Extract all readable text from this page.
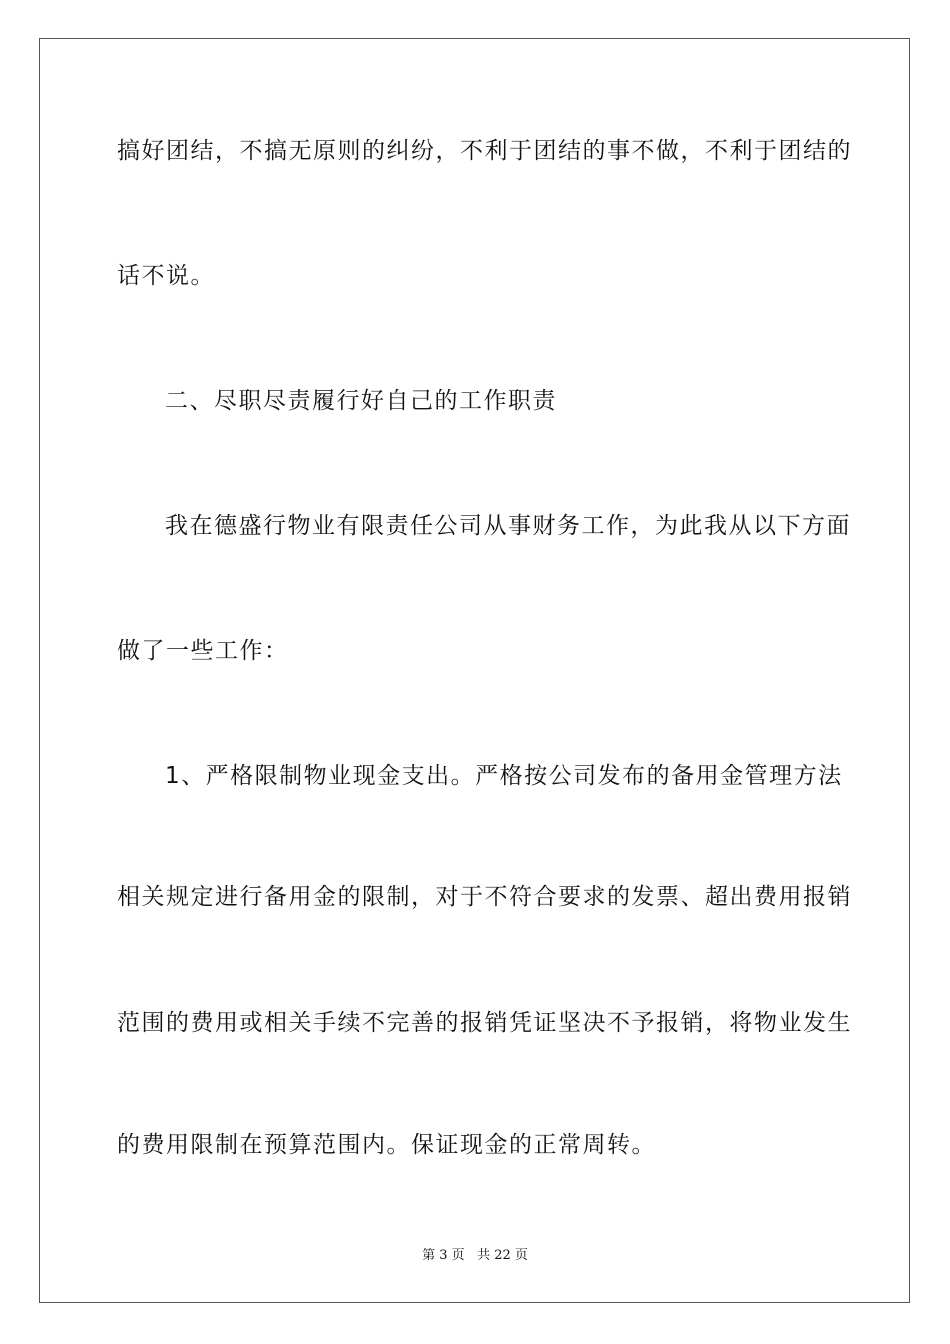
搞好团结，不搞无原则的纠纷，不利于团结的事不做，不利于团结的
话不说。
二、尽职尽责履行好自己的工作职责
我在德盛行物业有限责任公司从事财务工作，为此我从以下方面
做了一些工作：
1、严格限制物业现金支出。严格按公司发布的备用金管理方法
相关规定进行备用金的限制，对于不符合要求的发票、超出费用报销
范围的费用或相关手续不完善的报销凭证坚决不予报销，将物业发生
的费用限制在预算范围内。保证现金的正常周转。
第 3 页 共 22 页
